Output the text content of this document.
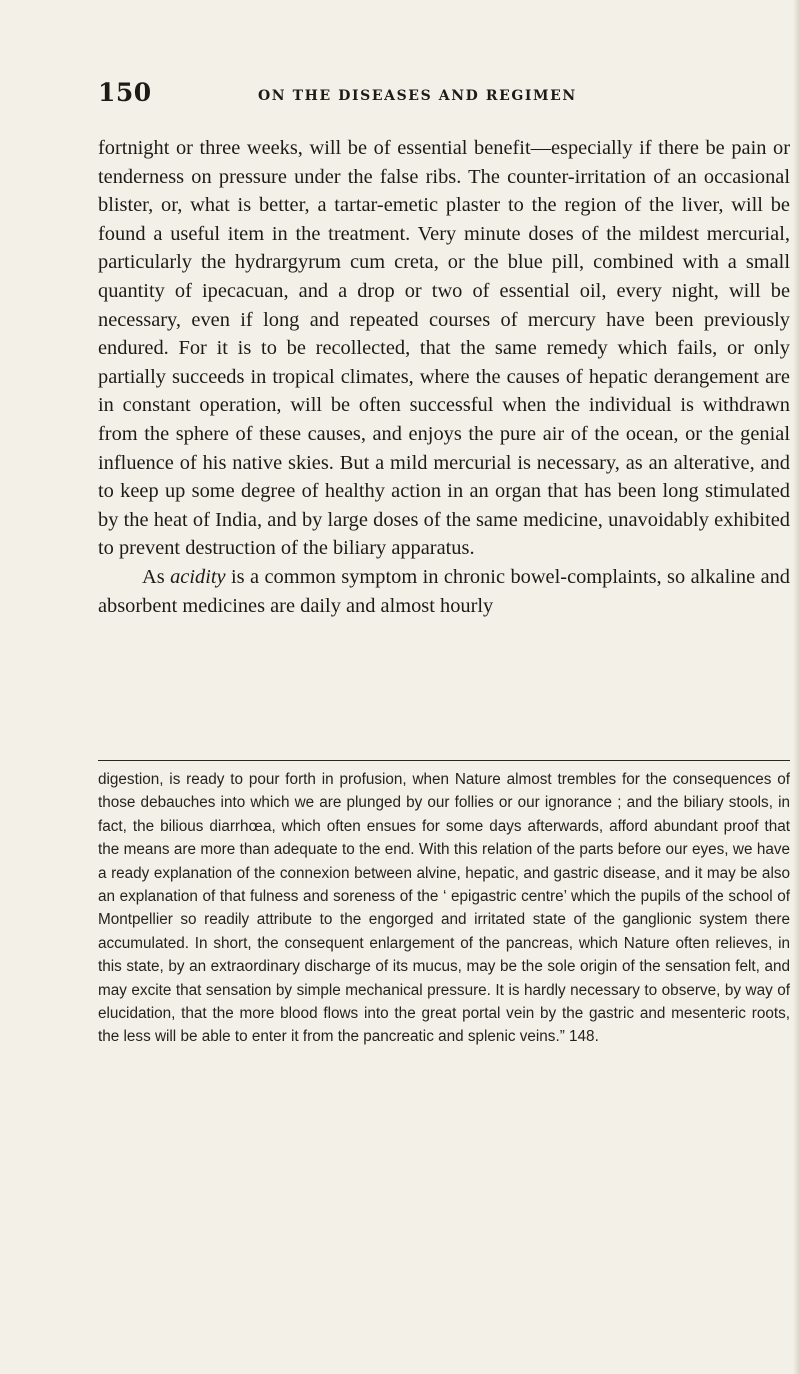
150	ON THE DISEASES AND REGIMEN

fortnight or three weeks, will be of essential benefit—especially if there be pain or tenderness on pressure under the false ribs. The counter-irritation of an occasional blister, or, what is better, a tartar-emetic plaster to the region of the liver, will be found a useful item in the treatment. Very minute doses of the mildest mercurial, particularly the hydrargyrum cum creta, or the blue pill, combined with a small quantity of ipecacuan, and a drop or two of essential oil, every night, will be necessary, even if long and repeated courses of mercury have been previously endured. For it is to be recollected, that the same remedy which fails, or only partially succeeds in tropical climates, where the causes of hepatic derangement are in constant operation, will be often successful when the individual is withdrawn from the sphere of these causes, and enjoys the pure air of the ocean, or the genial influence of his native skies. But a mild mercurial is necessary, as an alterative, and to keep up some degree of healthy action in an organ that has been long stimulated by the heat of India, and by large doses of the same medicine, unavoidably exhibited to prevent destruction of the biliary apparatus.

As acidity is a common symptom in chronic bowel-complaints, so alkaline and absorbent medicines are daily and almost hourly

digestion, is ready to pour forth in profusion, when Nature almost trembles for the consequences of those debauches into which we are plunged by our follies or our ignorance ; and the biliary stools, in fact, the bilious diarrhœa, which often ensues for some days afterwards, afford abundant proof that the means are more than adequate to the end. With this relation of the parts before our eyes, we have a ready explanation of the connexion between alvine, hepatic, and gastric disease, and it may be also an explanation of that fulness and soreness of the ‘ epigastric centre’ which the pupils of the school of Montpellier so readily attribute to the engorged and irritated state of the ganglionic system there accumulated. In short, the consequent enlargement of the pancreas, which Nature often relieves, in this state, by an extraordinary discharge of its mucus, may be the sole origin of the sensation felt, and may excite that sensation by simple mechanical pressure. It is hardly necessary to observe, by way of elucidation, that the more blood flows into the great portal vein by the gastric and mesenteric roots, the less will be able to enter it from the pancreatic and splenic veins.” 148.
